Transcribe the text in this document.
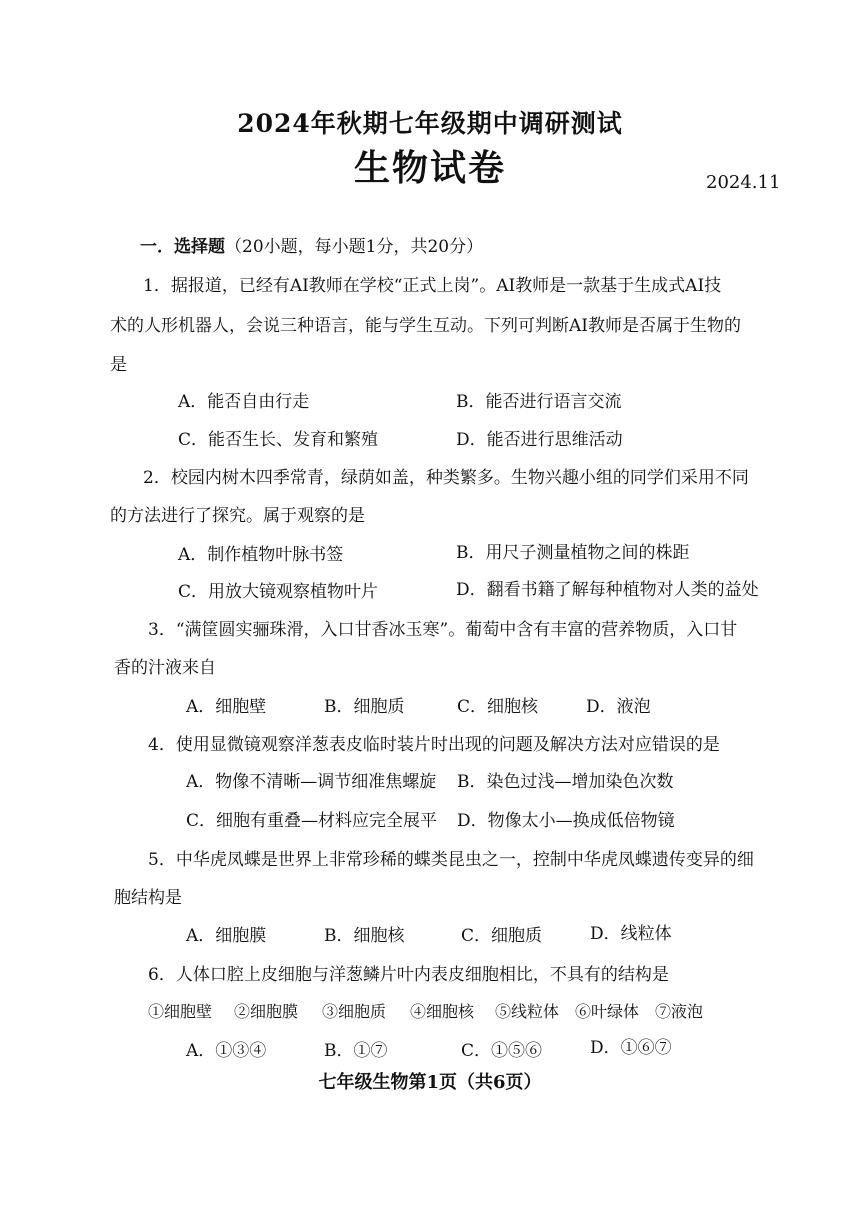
2024年秋期七年级期中调研测试
生物试卷	2024.11
一．选择题（20小题，每小题1分，共20分）
1．据报道，已经有AI教师在学校“正式上岗”。AI教师是一款基于生成式AI技
术的人形机器人，会说三种语言，能与学生互动。下列可判断AI教师是否属于生物的
是
A．能否自由行走	B．能否进行语言交流
C．能否生长、发育和繁殖	D．能否进行思维活动
2．校园内树木四季常青，绿荫如盖，种类繁多。生物兴趣小组的同学们采用不同
的方法进行了探究。属于观察的是
A．制作植物叶脉书签	B．用尺子测量植物之间的株距
C．用放大镜观察植物叶片	D．翻看书籍了解每种植物对人类的益处
3．“满筐圆实骊珠滑，入口甘香冰玉寒”。葡萄中含有丰富的营养物质，入口甘
香的汁液来自
A．细胞壁	B．细胞质	C．细胞核	D．液泡
4．使用显微镜观察洋葱表皮临时装片时出现的问题及解决方法对应错误的是
A．物像不清晰—调节细准焦螺旋 B．染色过浅—增加染色次数
C．细胞有重叠—材料应完全展平 D．物像太小—换成低倍物镜
5．中华虎凤蝶是世界上非常珍稀的蝶类昆虫之一，控制中华虎凤蝶遗传变异的细
胞结构是
A．细胞膜	B．细胞核	C．细胞质	D．线粒体
6．人体口腔上皮细胞与洋葱鳞片叶内表皮细胞相比，不具有的结构是
①细胞壁 ②细胞膜 ③细胞质 ④细胞核 ⑤线粒体 ⑥叶绿体 ⑦液泡
A．①③④	B．①⑦	C．①⑤⑥	D．①⑥⑦
七年级生物第1页（共6页）
